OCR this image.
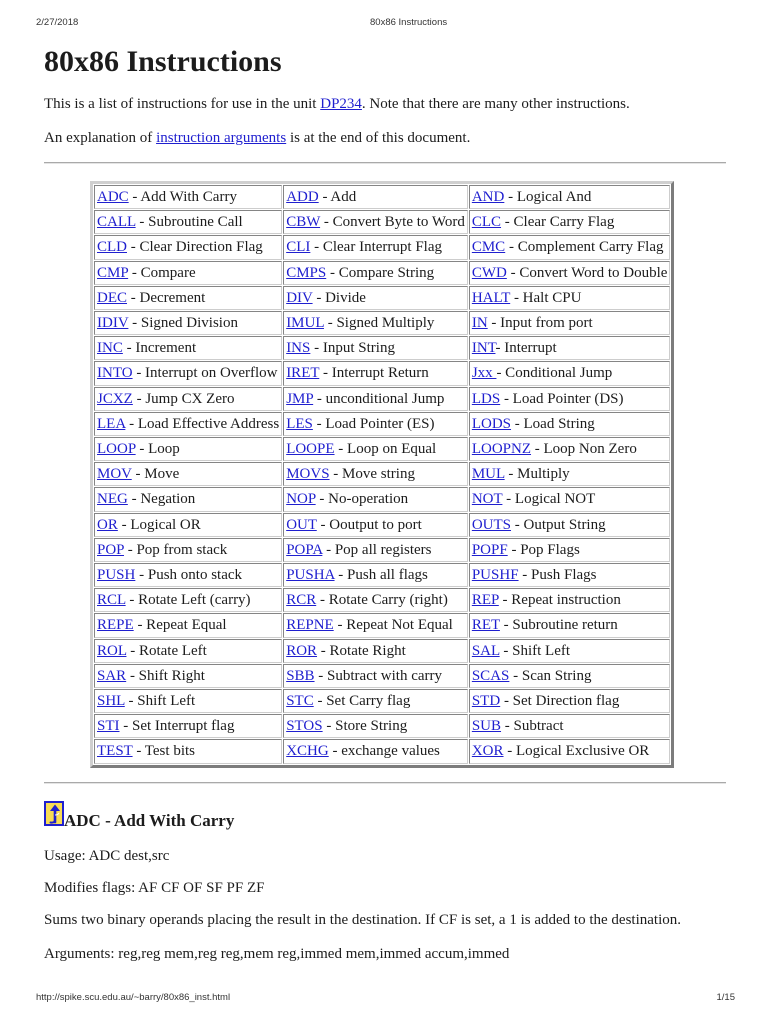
2/27/2018	80x86 Instructions
80x86 Instructions

This is a list of instructions for use in the unit DP234. Note that there are many other instructions.

An explanation of instruction arguments is at the end of this document.

ADC - Add With Carry	ADD - Add	AND - Logical And
CALL - Subroutine Call	CBW - Convert Byte to Word	CLC - Clear Carry Flag
CLD - Clear Direction Flag	CLI - Clear Interrupt Flag	CMC - Complement Carry Flag
CMP - Compare	CMPS - Compare String	CWD - Convert Word to Double
DEC - Decrement	DIV - Divide	HALT - Halt CPU
IDIV - Signed Division	IMUL - Signed Multiply	IN - Input from port
INC - Increment	INS - Input String	INT- Interrupt
INTO - Interrupt on Overflow	IRET - Interrupt Return	Jxx - Conditional Jump
JCXZ - Jump CX Zero	JMP - unconditional Jump	LDS - Load Pointer (DS)
LEA - Load Effective Address	LES - Load Pointer (ES)	LODS - Load String
LOOP - Loop	LOOPE - Loop on Equal	LOOPNZ - Loop Non Zero
MOV - Move	MOVS - Move string	MUL - Multiply
NEG - Negation	NOP - No-operation	NOT - Logical NOT
OR - Logical OR	OUT - Ooutput to port	OUTS - Output String
POP - Pop from stack	POPA - Pop all registers	POPF - Pop Flags
PUSH - Push onto stack	PUSHA - Push all flags	PUSHF - Push Flags
RCL - Rotate Left (carry)	RCR - Rotate Carry (right)	REP - Repeat instruction
REPE - Repeat Equal	REPNE - Repeat Not Equal	RET - Subroutine return
ROL - Rotate Left	ROR - Rotate Right	SAL - Shift Left
SAR - Shift Right	SBB - Subtract with carry	SCAS - Scan String
SHL - Shift Left	STC - Set Carry flag	STD - Set Direction flag
STI - Set Interrupt flag	STOS - Store String	SUB - Subtract
TEST - Test bits	XCHG - exchange values	XOR - Logical Exclusive OR
ADC - Add With Carry

Usage: ADC dest,src

Modifies flags: AF CF OF SF PF ZF

Sums two binary operands placing the result in the destination. If CF is set, a 1 is added to the destination.

Arguments: reg,reg mem,reg reg,mem reg,immed mem,immed accum,immed

http://spike.scu.edu.au/~barry/80x86_inst.html	1/15
